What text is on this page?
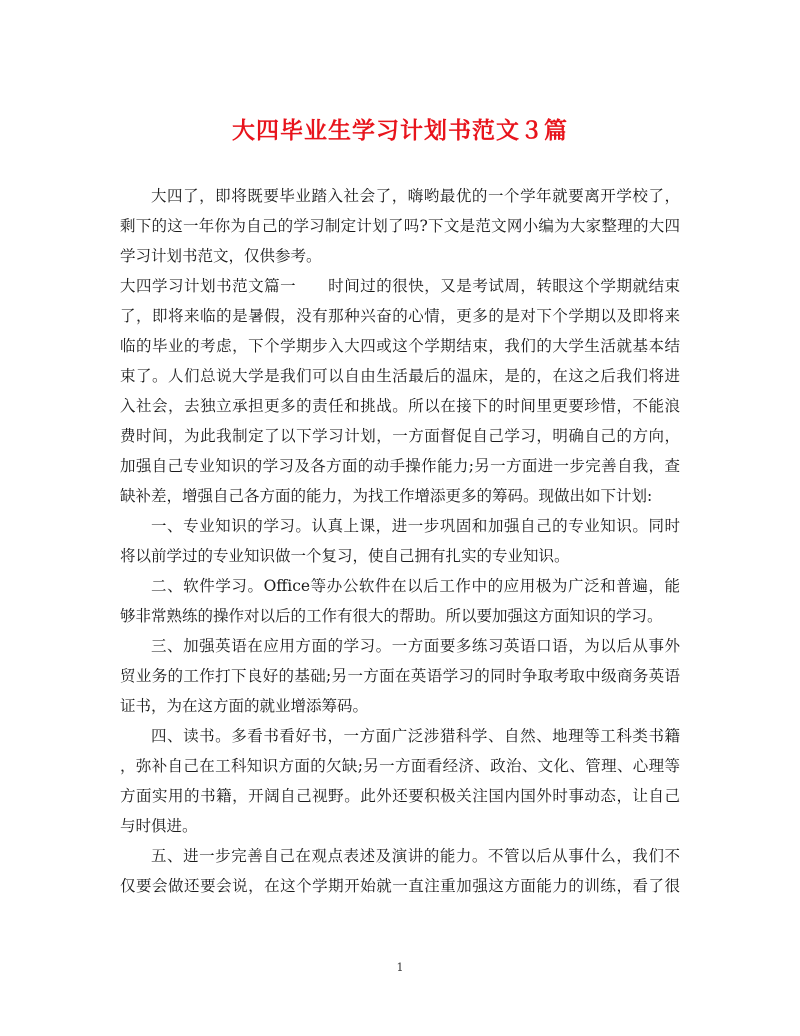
大四毕业生学习计划书范文３篇
大四了，即将既要毕业踏入社会了，嗨哟最优的一个学年就要离开学校了，
剩下的这一年你为自己的学习制定计划了吗?下文是范文网小编为大家整理的大四
学习计划书范文，仅供参考。
大四学习计划书范文篇一　　时间过的很快，又是考试周，转眼这个学期就结束
了，即将来临的是暑假，没有那种兴奋的心情，更多的是对下个学期以及即将来
临的毕业的考虑，下个学期步入大四或这个学期结束，我们的大学生活就基本结
束了。人们总说大学是我们可以自由生活最后的温床，是的，在这之后我们将进
入社会，去独立承担更多的责任和挑战。所以在接下的时间里更要珍惜，不能浪
费时间，为此我制定了以下学习计划，一方面督促自己学习，明确自己的方向，
加强自己专业知识的学习及各方面的动手操作能力;另一方面进一步完善自我，查
缺补差，增强自己各方面的能力，为找工作增添更多的筹码。现做出如下计划:
一、专业知识的学习。认真上课，进一步巩固和加强自己的专业知识。同时
将以前学过的专业知识做一个复习，使自己拥有扎实的专业知识。
二、软件学习。Office等办公软件在以后工作中的应用极为广泛和普遍，能
够非常熟练的操作对以后的工作有很大的帮助。所以要加强这方面知识的学习。
三、加强英语在应用方面的学习。一方面要多练习英语口语，为以后从事外
贸业务的工作打下良好的基础;另一方面在英语学习的同时争取考取中级商务英语
证书，为在这方面的就业增添筹码。
四、读书。多看书看好书，一方面广泛涉猎科学、自然、地理等工科类书籍
，弥补自己在工科知识方面的欠缺;另一方面看经济、政治、文化、管理、心理等
方面实用的书籍，开阔自己视野。此外还要积极关注国内国外时事动态，让自己
与时俱进。
五、进一步完善自己在观点表述及演讲的能力。不管以后从事什么，我们不
仅要会做还要会说，在这个学期开始就一直注重加强这方面能力的训练，看了很
1
